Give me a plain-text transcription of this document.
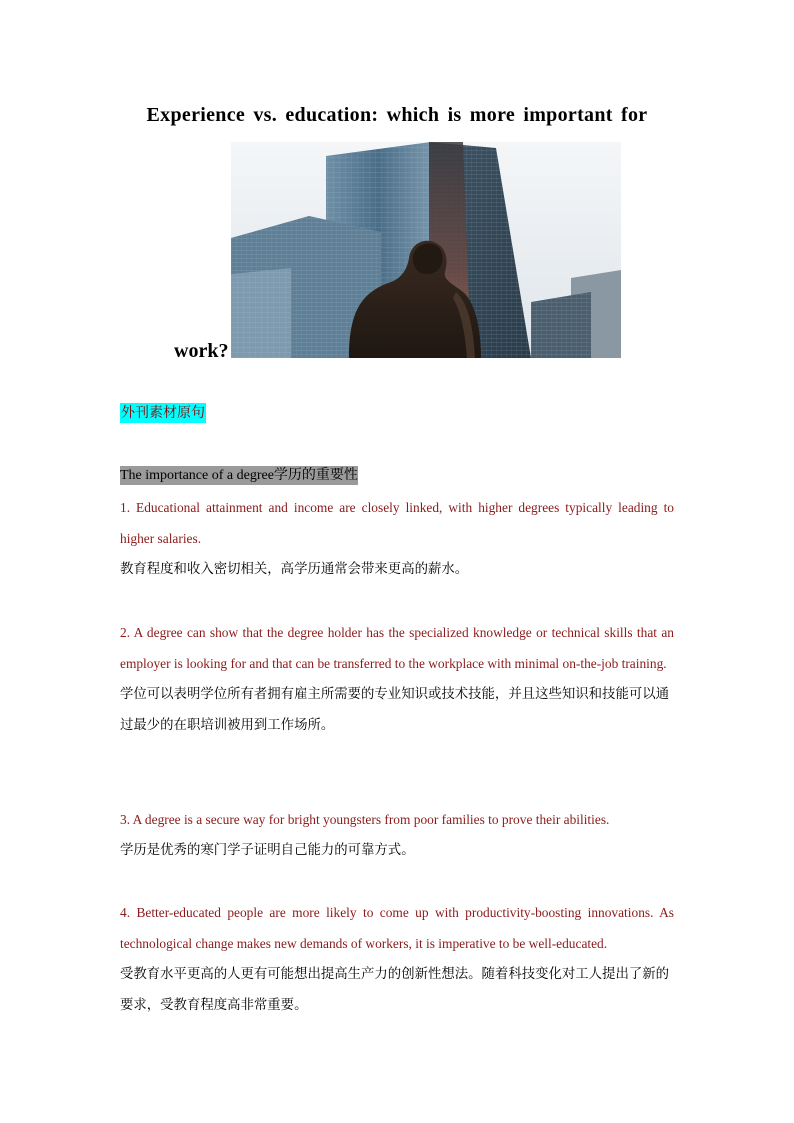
Experience vs. education: which is more important for
work?
外刊素材原句
The importance of a degree学历的重要性

1. Educational attainment and income are closely linked, with higher degrees typically leading to higher salaries.

教育程度和收入密切相关，高学历通常会带来更高的薪水。

2. A degree can show that the degree holder has the specialized knowledge or technical skills that an employer is looking for and that can be transferred to the workplace with minimal on-the-job training.

学位可以表明学位所有者拥有雇主所需要的专业知识或技术技能，并且这些知识和技能可以通过最少的在职培训被用到工作场所。

3. A degree is a secure way for bright youngsters from poor families to prove their abilities.

学历是优秀的寒门学子证明自己能力的可靠方式。

4. Better-educated people are more likely to come up with productivity-boosting innovations. As technological change makes new demands of workers, it is imperative to be well-educated.

受教育水平更高的人更有可能想出提高生产力的创新性想法。随着科技变化对工人提出了新的要求，受教育程度高非常重要。
